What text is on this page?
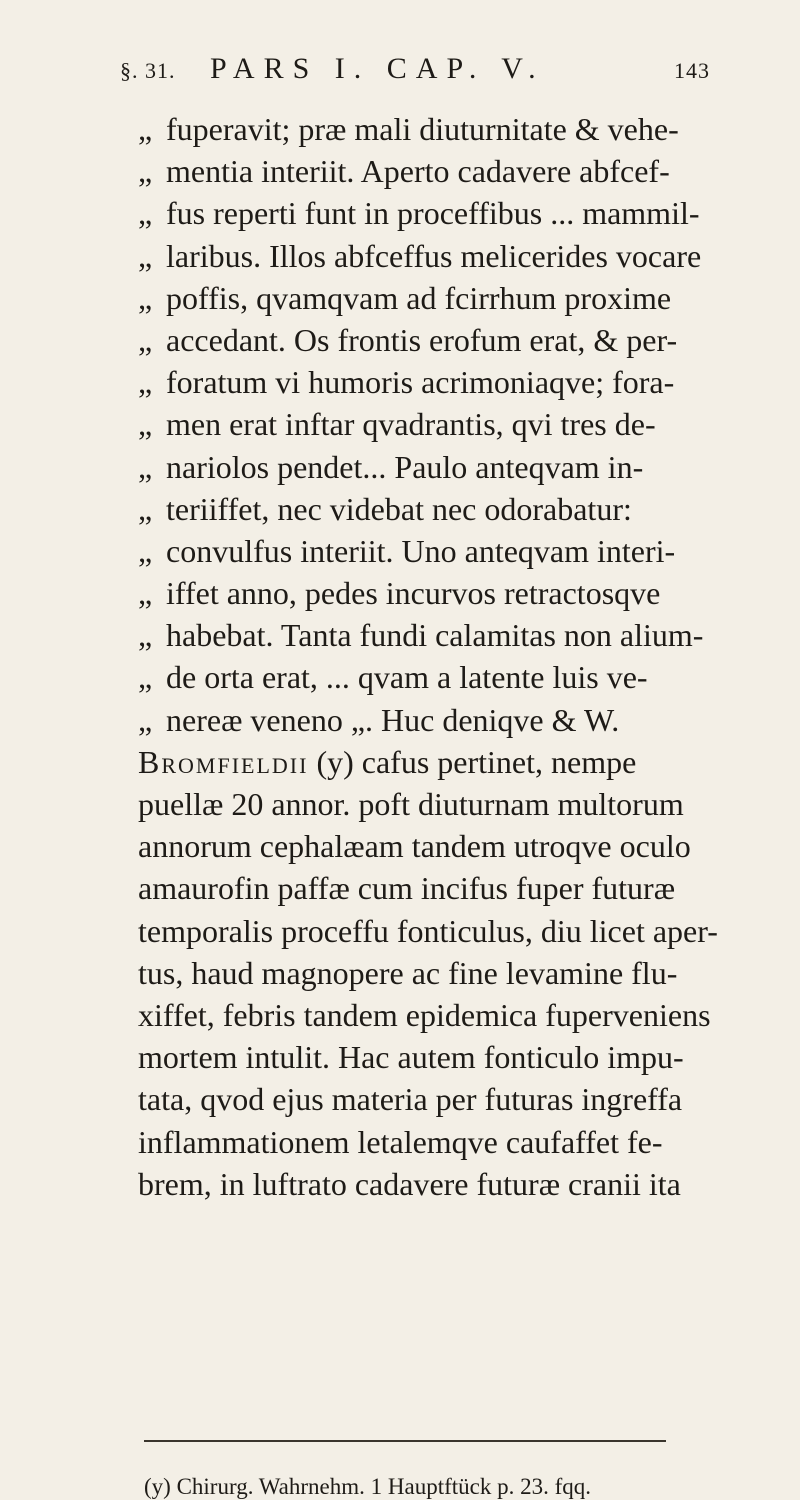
§. 31. PARS I. CAP. V.	143
„ fuperavit; præ mali diuturnitate & vehe-
„ mentia interiit. Aperto cadavere abfcef-
„ fus reperti funt in proceffibus ... mammil-
„ laribus. Illos abfceffus melicerides vocare
„ poffis, qvamqvam ad fcirrhum proxime
„ accedant. Os frontis erofum erat, & per-
„ foratum vi humoris acrimoniaqve; fora-
„ men erat inftar qvadrantis, qvi tres de-
„ nariolos pendet... Paulo anteqvam in-
„ teriiffet, nec videbat nec odorabatur:
„ convulfus interiit. Uno anteqvam interi-
„ iffet anno, pedes incurvos retractosqve
„ habebat. Tanta fundi calamitas non alium-
„ de orta erat, ... qvam a latente luis ve-
„ nereæ veneno „. Huc deniqve & W.
Bromfieldii (y) cafus pertinet, nempe
puellæ 20 annor. poft diuturnam multorum
annorum cephalæam tandem utroqve oculo
amaurofin paffæ cum incifus fuper futuræ
temporalis proceffu fonticulus, diu licet aper-
tus, haud magnopere ac fine levamine flu-
xiffet, febris tandem epidemica fuperveniens
mortem intulit. Hac autem fonticulo impu-
tata, qvod ejus materia per futuras ingreffa
inflammationem letalemqve caufaffet fe-
brem, in luftrato cadavere futuræ cranii ita
(y) Chirurg. Wahrnehm. 1 Hauptftück p. 23. fqq.
